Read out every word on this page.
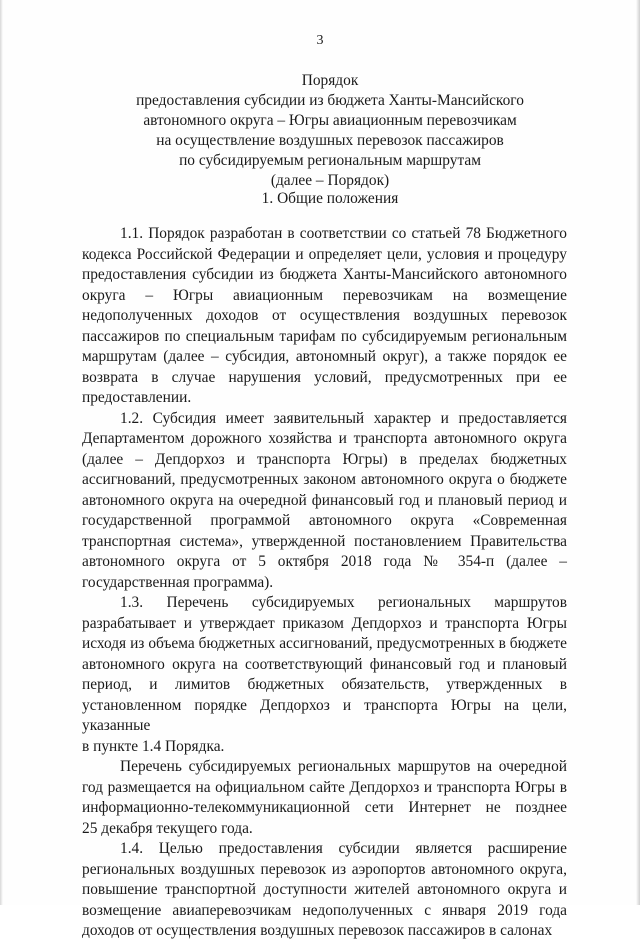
3
Порядок
предоставления субсидии из бюджета Ханты-Мансийского
автономного округа – Югры авиационным перевозчикам
на осуществление воздушных перевозок пассажиров
по субсидируемым региональным маршрутам
(далее – Порядок)
1. Общие положения
1.1. Порядок разработан в соответствии со статьей 78 Бюджетного
кодекса Российской Федерации и определяет цели, условия и процедуру
предоставления субсидии из бюджета Ханты-Мансийского автономного
округа – Югры авиационным перевозчикам на возмещение
недополученных доходов от осуществления воздушных перевозок
пассажиров по специальным тарифам по субсидируемым региональным
маршрутам (далее – субсидия, автономный округ), а также порядок ее
возврата в случае нарушения условий, предусмотренных при ее
предоставлении.
1.2. Субсидия имеет заявительный характер и предоставляется
Департаментом дорожного хозяйства и транспорта автономного округа
(далее – Депдорхоз и транспорта Югры) в пределах бюджетных
ассигнований, предусмотренных законом автономного округа о бюджете
автономного округа на очередной финансовый год и плановый период и
государственной программой автономного округа «Современная
транспортная система», утвержденной постановлением Правительства
автономного округа от 5 октября 2018 года № 354-п (далее –
государственная программа).
1.3. Перечень субсидируемых региональных маршрутов
разрабатывает и утверждает приказом Депдорхоз и транспорта Югры
исходя из объема бюджетных ассигнований, предусмотренных в бюджете
автономного округа на соответствующий финансовый год и плановый
период, и лимитов бюджетных обязательств, утвержденных в
установленном порядке Депдорхоз и транспорта Югры на цели, указанные
в пункте 1.4 Порядка.
Перечень субсидируемых региональных маршрутов на очередной
год размещается на официальном сайте Депдорхоз и транспорта Югры в
информационно-телекоммуникационной сети Интернет не позднее
25 декабря текущего года.
1.4. Целью предоставления субсидии является расширение
региональных воздушных перевозок из аэропортов автономного округа,
повышение транспортной доступности жителей автономного округа и
возмещение авиаперевозчикам недополученных с января 2019 года
доходов от осуществления воздушных перевозок пассажиров в салонах
